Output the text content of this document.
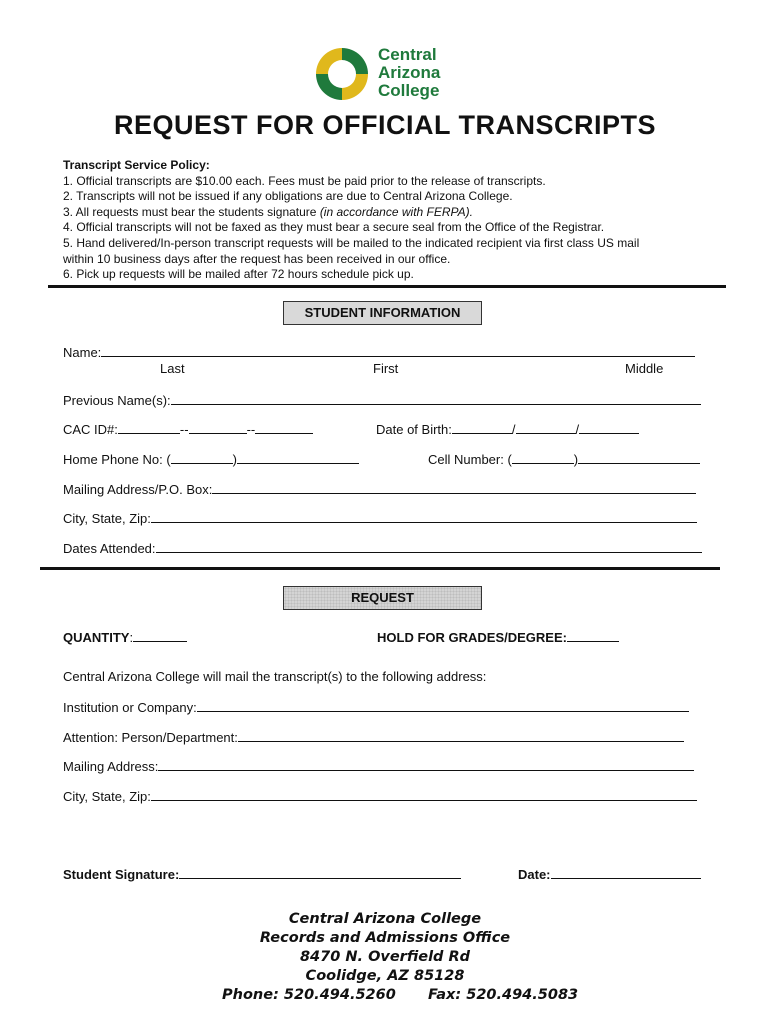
Central
Arizona
College
REQUEST FOR OFFICIAL TRANSCRIPTS
Transcript Service Policy:
1. Official transcripts are $10.00 each. Fees must be paid prior to the release of transcripts.
2. Transcripts will not be issued if any obligations are due to Central Arizona College.
3. All requests must bear the students signature (in accordance with FERPA).
4. Official transcripts will not be faxed as they must bear a secure seal from the Office of the Registrar.
5. Hand delivered/In-person transcript requests will be mailed to the indicated recipient via first class US mail
within 10 business days after the request has been received in our office.
6. Pick up requests will be mailed after 72 hours schedule pick up.
STUDENT INFORMATION
Name:
Last	First	Middle
Previous Name(s):
CAC ID#:	--	--	Date of Birth:	/	/
Home Phone No: (	)	Cell Number: (	)
Mailing Address/P.O. Box:
City, State, Zip:
Dates Attended:
REQUEST
QUANTITY:	HOLD FOR GRADES/DEGREE:
Central Arizona College will mail the transcript(s) to the following address:
Institution or Company:
Attention: Person/Department:
Mailing Address:
City, State, Zip:
Student Signature:	Date:
Central Arizona College
Records and Admissions Office
8470 N. Overfield Rd
Coolidge, AZ 85128
Phone: 520.494.5260 Fax: 520.494.5083
